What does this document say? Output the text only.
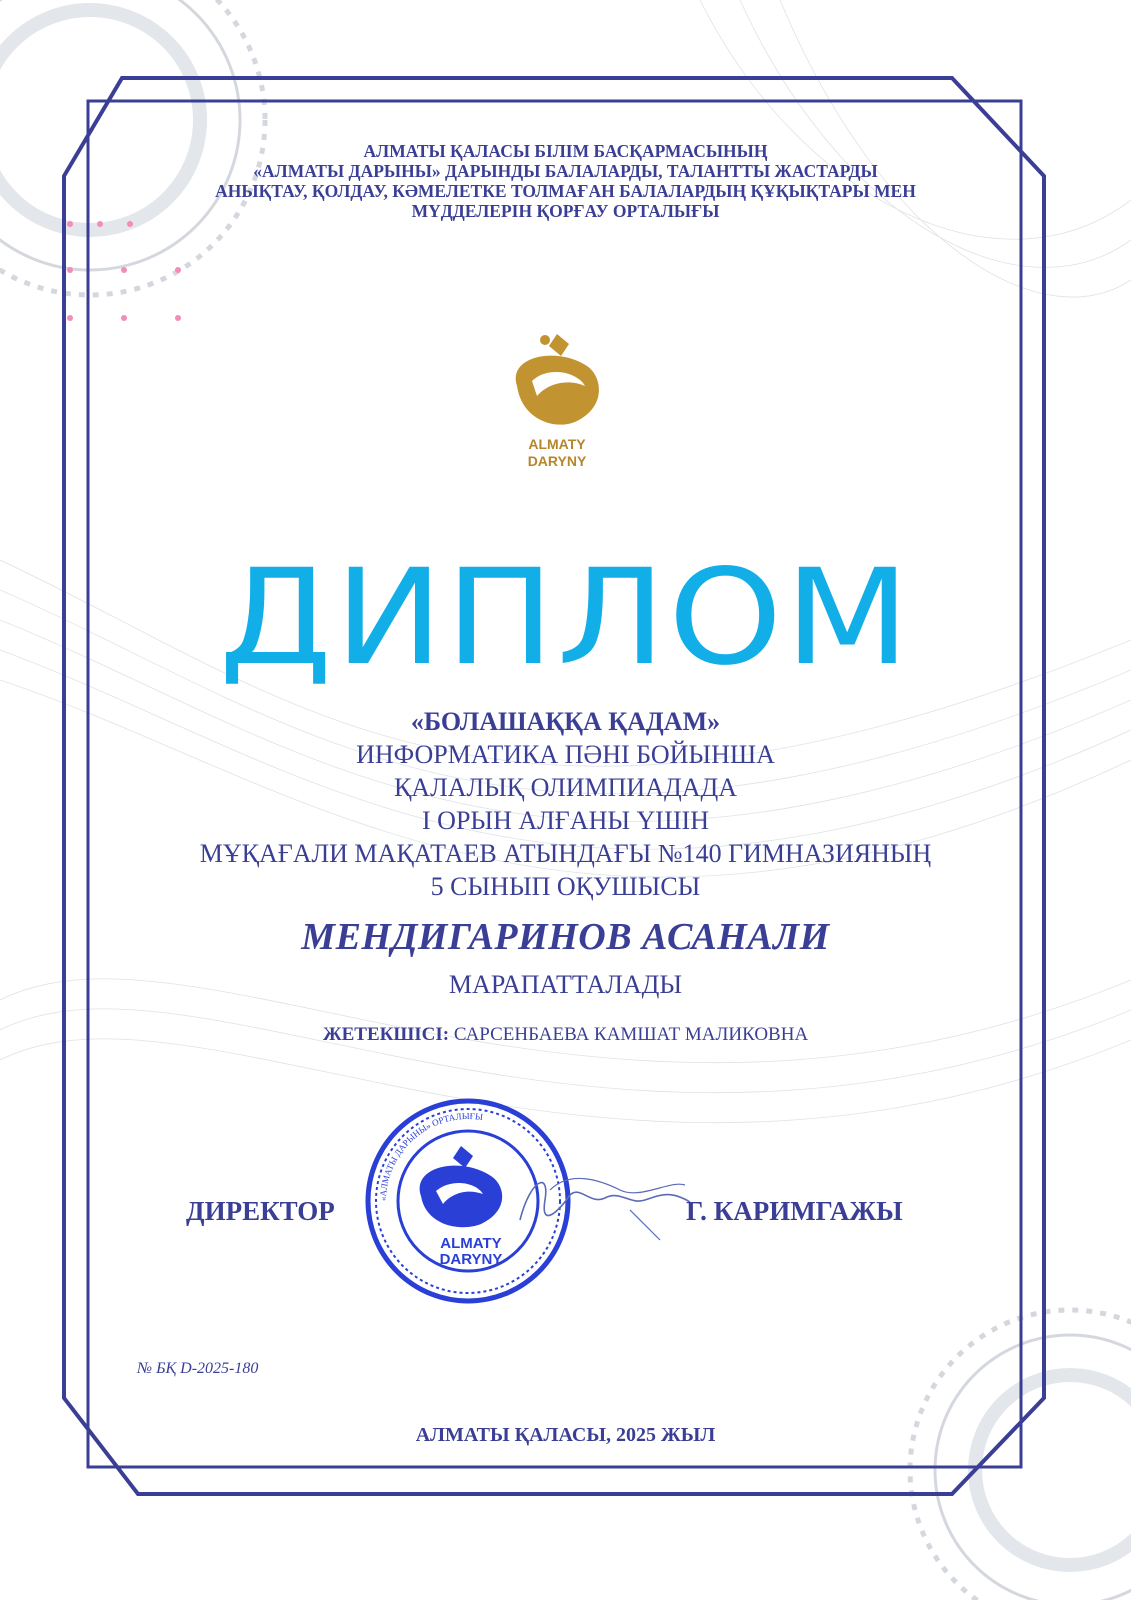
АЛМАТЫ ҚАЛАСЫ БІЛІМ БАСҚАРМАСЫНЫҢ
«АЛМАТЫ ДАРЫНЫ» ДАРЫНДЫ БАЛАЛАРДЫ, ТАЛАНТТЫ ЖАСТАРДЫ
АНЫҚТАУ, ҚОЛДАУ, КӘМЕЛЕТКЕ ТОЛМАҒАН БАЛАЛАРДЫҢ ҚҰҚЫҚТАРЫ МЕН
МҮДДЕЛЕРІН ҚОРҒАУ ОРТАЛЫҒЫ
ALMATY
DARYNY
ДИПЛОМ
«БОЛАШАҚҚА ҚАДАМ»
ИНФОРМАТИКА ПӘНІ БОЙЫНША
ҚАЛАЛЫҚ ОЛИМПИАДАДА
I ОРЫН АЛҒАНЫ ҮШІН
МҰҚАҒАЛИ МАҚАТАЕВ АТЫНДАҒЫ №140 ГИМНАЗИЯНЫҢ
5 СЫНЫП ОҚУШЫСЫ
МЕНДИГАРИНОВ АСАНАЛИ
МАРАПАТТАЛАДЫ
ЖЕТЕКШІСІ: САРСЕНБАЕВА КАМШАТ МАЛИКОВНА
ДИРЕКТОР	«АЛМАТЫ ДАРЫНЫ» ОРТАЛЫҒЫ
ALMATY
DARYNY
Г. КАРИМГАЖЫ
№ БҚ D-2025-180
АЛМАТЫ ҚАЛАСЫ, 2025 ЖЫЛ
